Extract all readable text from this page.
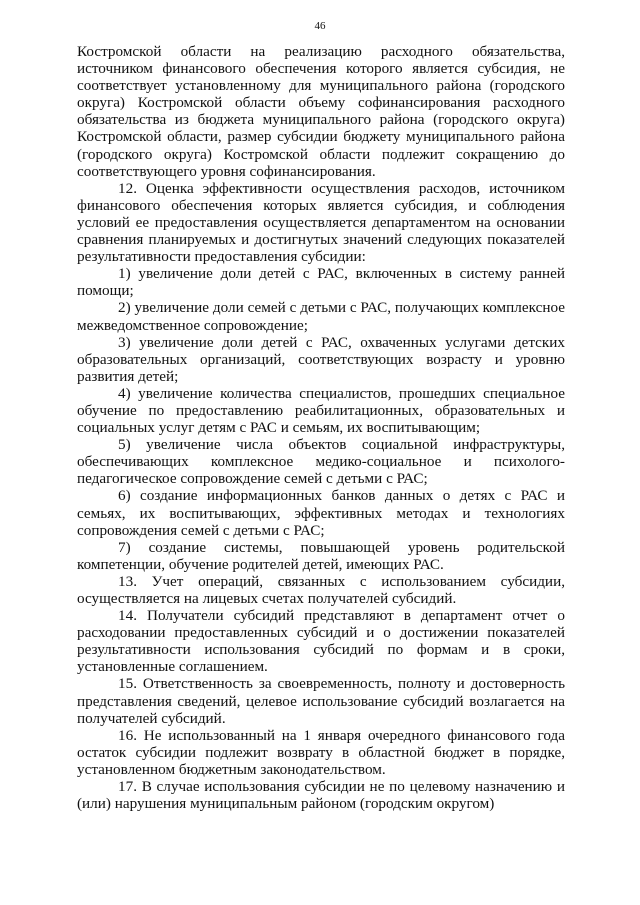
46

Костромской области на реализацию расходного обязательства, источником финансового обеспечения которого является субсидия, не соответствует установленному для муниципального района (городского округа) Костромской области объему софинансирования расходного обязательства из бюджета муниципального района (городского округа) Костромской области, размер субсидии бюджету муниципального района (городского округа) Костромской области подлежит сокращению до соответствующего уровня софинансирования.

12. Оценка эффективности осуществления расходов, источником финансового обеспечения которых является субсидия, и соблюдения условий ее предоставления осуществляется департаментом на основании сравнения планируемых и достигнутых значений следующих показателей результативности предоставления субсидии:

1) увеличение доли детей с РАС, включенных в систему ранней помощи;

2) увеличение доли семей с детьми с РАС, получающих комплексное межведомственное сопровождение;

3) увеличение доли детей с РАС, охваченных услугами детских образовательных организаций, соответствующих возрасту и уровню развития детей;

4) увеличение количества специалистов, прошедших специальное обучение по предоставлению реабилитационных, образовательных и социальных услуг детям с РАС и семьям, их воспитывающим;

5) увеличение числа объектов социальной инфраструктуры, обеспечивающих комплексное медико-социальное и психолого-педагогическое сопровождение семей с детьми с РАС;

6) создание информационных банков данных о детях с РАС и семьях, их воспитывающих, эффективных методах и технологиях сопровождения семей с детьми с РАС;

7) создание системы, повышающей уровень родительской компетенции, обучение родителей детей, имеющих РАС.

13. Учет операций, связанных с использованием субсидии, осуществляется на лицевых счетах получателей субсидий.

14. Получатели субсидий представляют в департамент отчет о расходовании предоставленных субсидий и о достижении показателей результативности использования субсидий по формам и в сроки, установленные соглашением.

15. Ответственность за своевременность, полноту и достоверность представления сведений, целевое использование субсидий возлагается на получателей субсидий.

16. Не использованный на 1 января очередного финансового года остаток субсидии подлежит возврату в областной бюджет в порядке, установленном бюджетным законодательством.

17. В случае использования субсидии не по целевому назначению и (или) нарушения муниципальным районом (городским округом)
